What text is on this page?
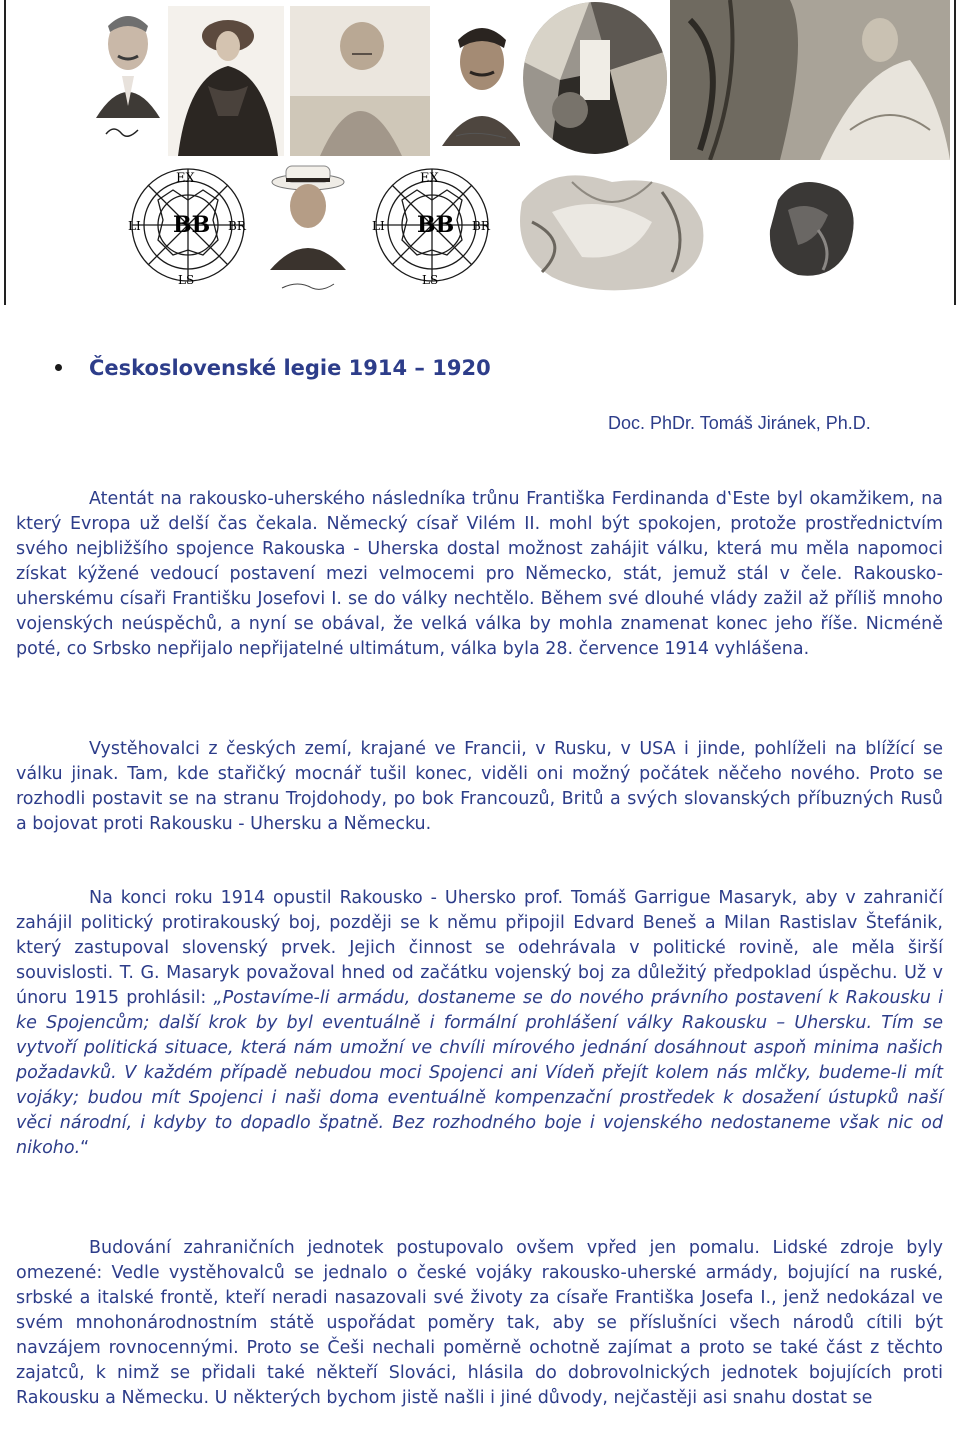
EX
LI	BR
LS
BB
EX
LI	BR
LS
BB
Československé legie 1914 – 1920
Doc. PhDr. Tomáš Jiránek, Ph.D.

Atentát na rakousko-uherského následníka trůnu Františka Ferdinanda d‛Este byl okamžikem, na který Evropa už delší čas čekala. Německý císař Vilém II. mohl být spokojen, protože prostřednictvím svého nejbližšího spojence Rakouska - Uherska dostal možnost zahájit válku, která mu měla napomoci získat kýžené vedoucí postavení mezi velmocemi pro Německo, stát, jemuž stál v čele. Rakousko-uherskému císaři Františku Josefovi I. se do války nechtělo. Během své dlouhé vlády zažil až příliš mnoho vojenských neúspěchů, a nyní se obával, že velká válka by mohla znamenat konec jeho říše. Nicméně poté, co Srbsko nepřijalo nepřijatelné ultimátum, válka byla 28. července 1914 vyhlášena.

Vystěhovalci z českých zemí, krajané ve Francii, v Rusku, v USA i jinde, pohlíželi na blížící se válku jinak. Tam, kde stařičký mocnář tušil konec, viděli oni možný počátek něčeho nového. Proto se rozhodli postavit se na stranu Trojdohody, po bok Francouzů, Britů a svých slovanských příbuzných Rusů a bojovat proti Rakousku - Uhersku a Německu.

Na konci roku 1914 opustil Rakousko - Uhersko prof. Tomáš Garrigue Masaryk, aby v zahraničí zahájil politický protirakouský boj, později se k němu připojil Edvard Beneš a Milan Rastislav Štefánik, který zastupoval slovenský prvek. Jejich činnost se odehrávala v politické rovině, ale měla širší souvislosti. T. G. Masaryk považoval hned od začátku vojenský boj za důležitý předpoklad úspěchu. Už v únoru 1915 prohlásil: „Postavíme-li armádu, dostaneme se do nového právního postavení k Rakousku i ke Spojencům; další krok by byl eventuálně i formální prohlášení války Rakousku – Uhersku. Tím se vytvoří politická situace, která nám umožní ve chvíli mírového jednání dosáhnout aspoň minima našich požadavků. V každém případě nebudou moci Spojenci ani Vídeň přejít kolem nás mlčky, budeme-li mít vojáky; budou mít Spojenci i naši doma eventuálně kompenzační prostředek k dosažení ústupků naší věci národní, i kdyby to dopadlo špatně. Bez rozhodného boje i vojenského nedostaneme však nic od nikoho.“

Budování zahraničních jednotek postupovalo ovšem vpřed jen pomalu. Lidské zdroje byly omezené: Vedle vystěhovalců se jednalo o české vojáky rakousko-uherské armády, bojující na ruské, srbské a italské frontě, kteří neradi nasazovali své životy za císaře Františka Josefa I., jenž nedokázal ve svém mnohonárodnostním státě uspořádat poměry tak, aby se příslušníci všech národů cítili být navzájem rovnocennými. Proto se Češi nechali poměrně ochotně zajímat a proto se také část z těchto zajatců, k nimž se přidali také někteří Slováci, hlásila do dobrovolnických jednotek bojujících proti Rakousku a Německu. U některých bychom jistě našli i jiné důvody, nejčastěji asi snahu dostat se
